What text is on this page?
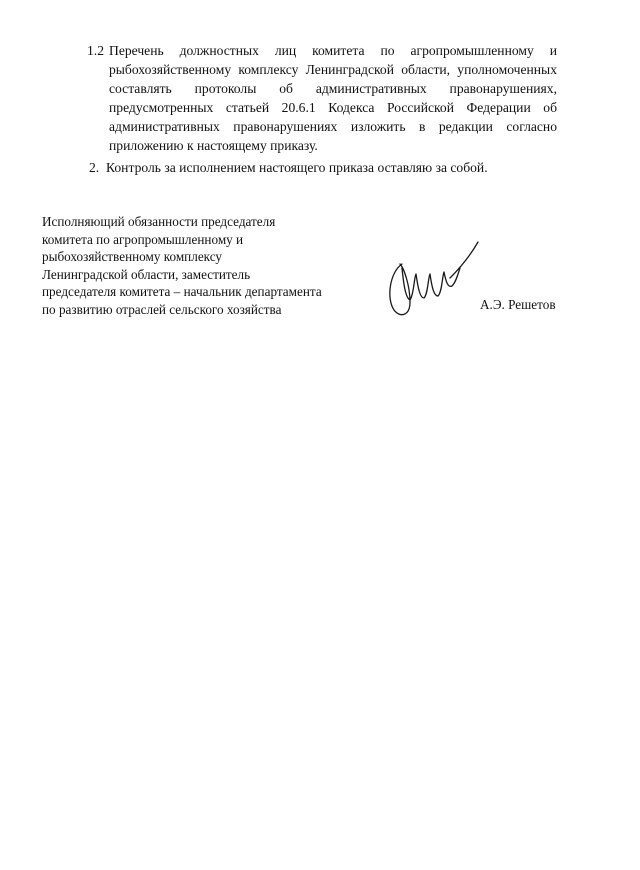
1.2 Перечень должностных лиц комитета по агропромышленному и рыбохозяйственному комплексу Ленинградской области, уполномоченных составлять протоколы об административных правонарушениях, предусмотренных статьей 20.6.1 Кодекса Российской Федерации об административных правонарушениях изложить в редакции согласно приложению к настоящему приказу.
2. Контроль за исполнением настоящего приказа оставляю за собой.
Исполняющий обязанности председателя
комитета по агропромышленному и
рыбохозяйственному комплексу
Ленинградской области, заместитель
председателя комитета – начальник департамента
по развитию отраслей сельского хозяйства	А.Э. Решетов
